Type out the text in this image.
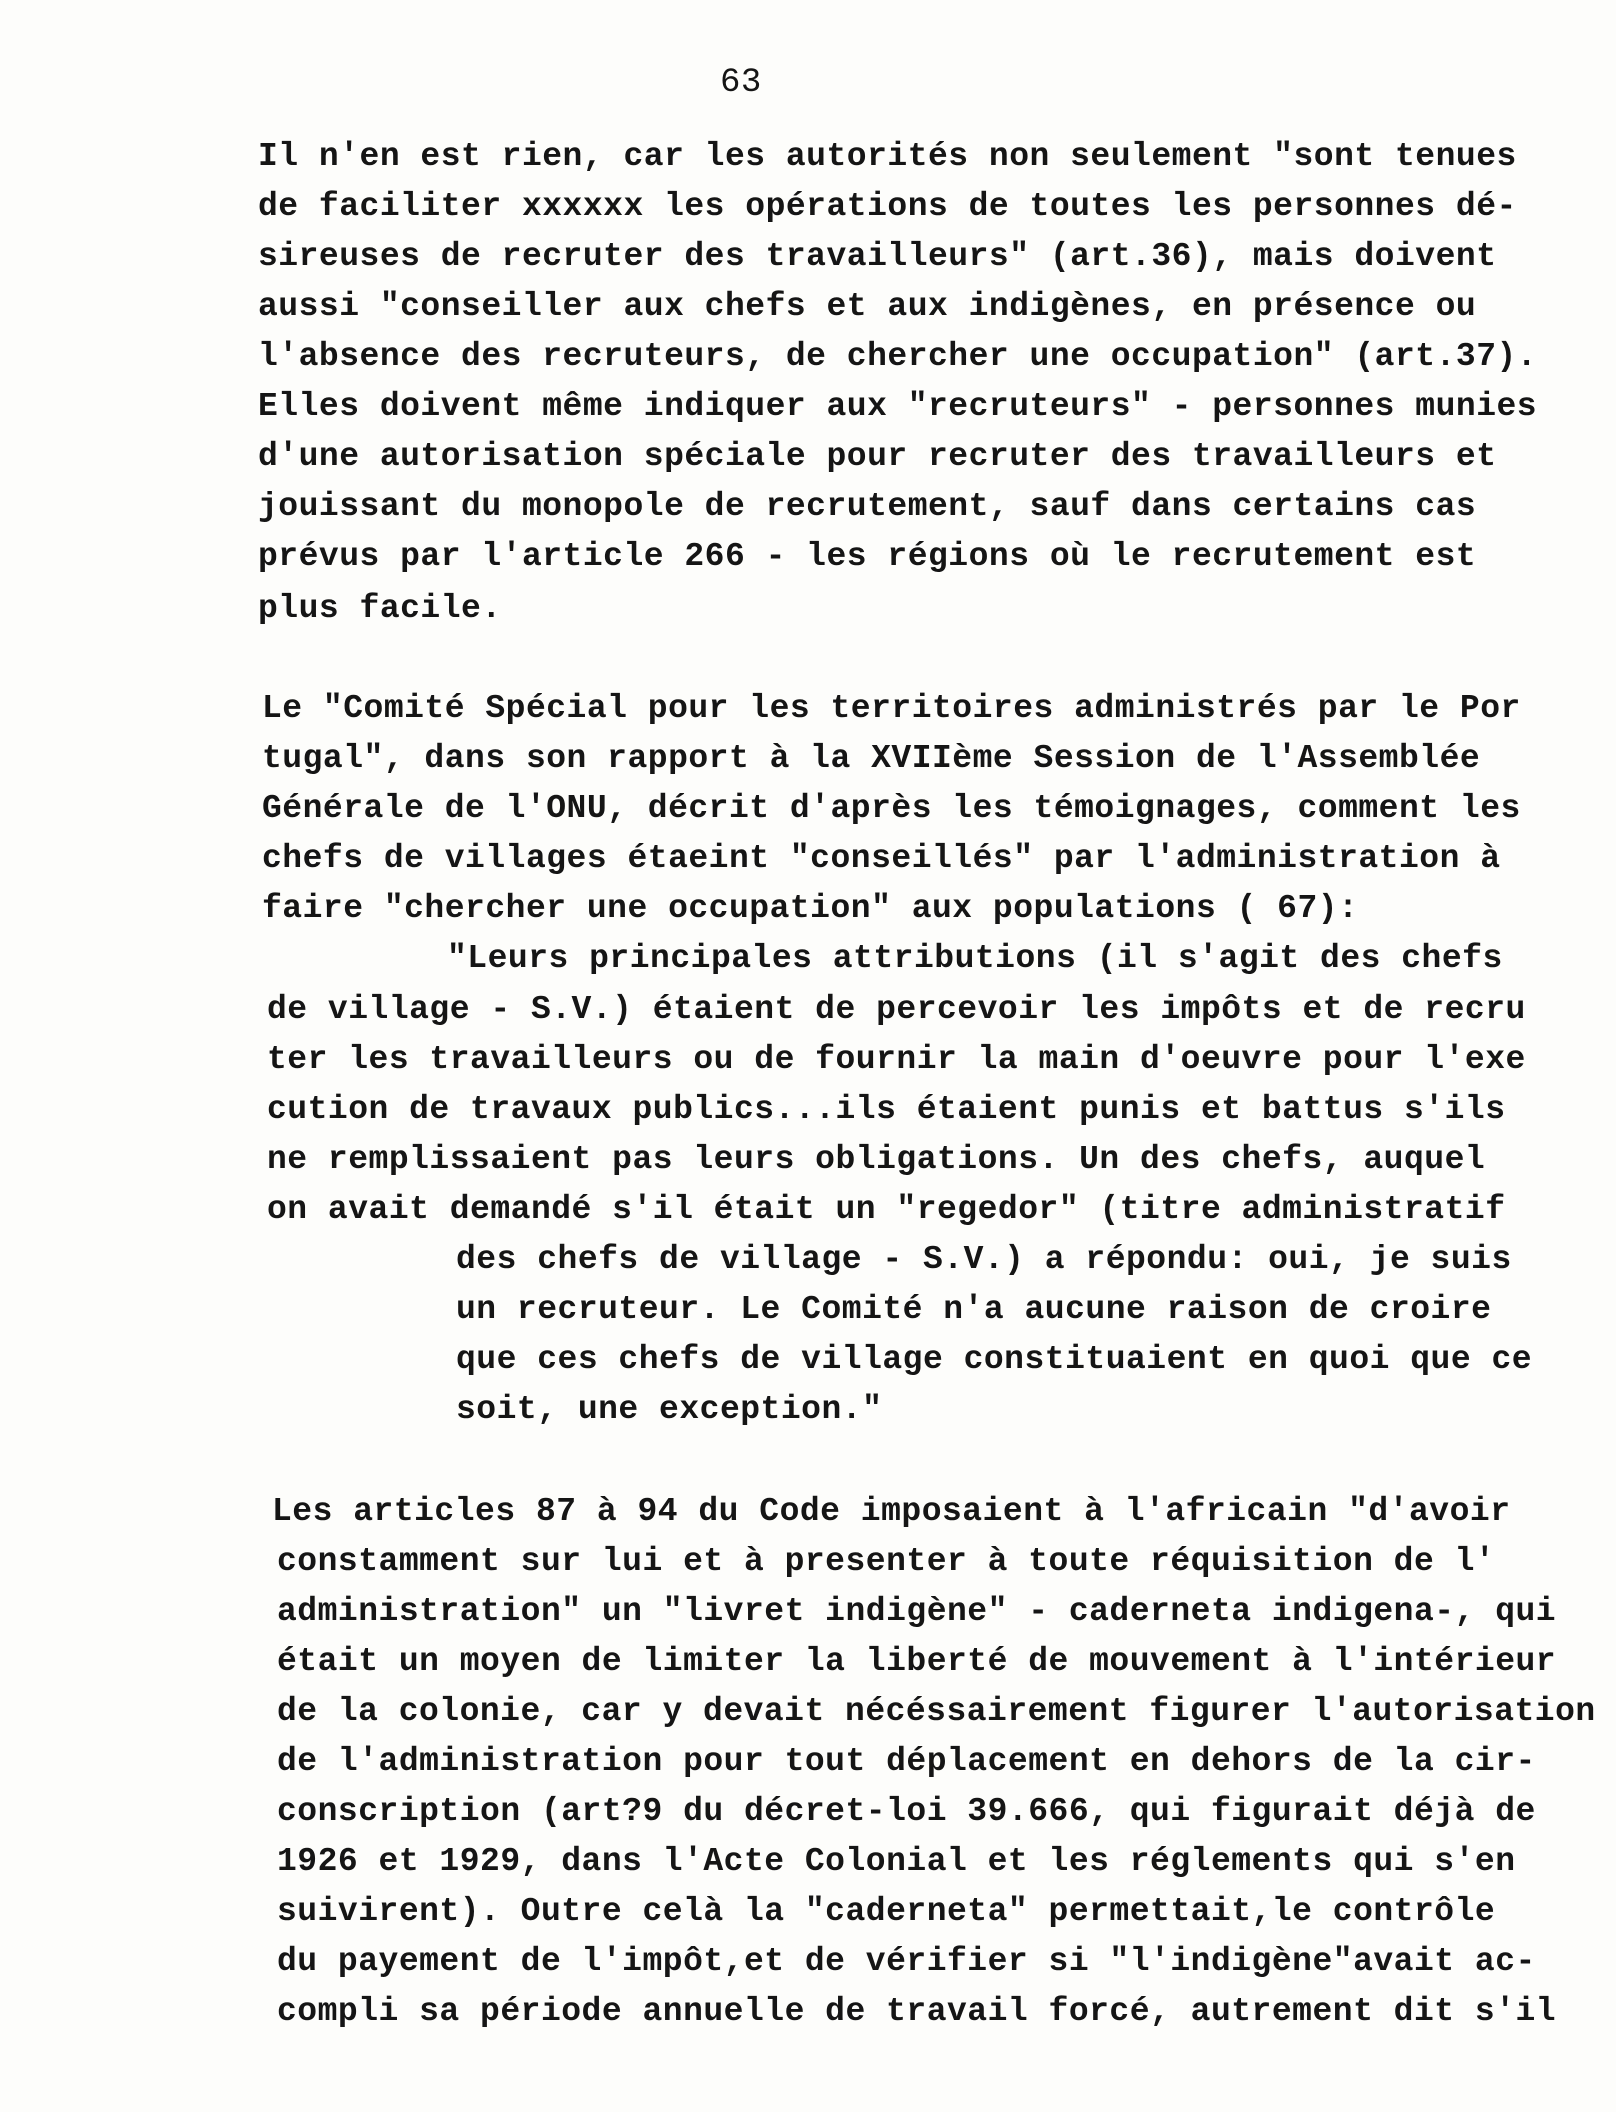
63
Il n'en est rien, car les autorités non seulement "sont tenues
de faciliter xxxxxx les opérations de toutes les personnes dé-
sireuses de recruter des travailleurs" (art.36), mais doivent
aussi "conseiller aux chefs et aux indigènes, en présence ou
l'absence des recruteurs, de chercher une occupation" (art.37).
Elles doivent même indiquer aux "recruteurs" - personnes munies
d'une autorisation spéciale pour recruter des travailleurs et
jouissant du monopole de recrutement, sauf dans certains cas
prévus par l'article 266 - les régions où le recrutement est
plus facile.
Le "Comité Spécial pour les territoires administrés par le Por
tugal", dans son rapport à la XVIIème Session de l'Assemblée
Générale de l'ONU, décrit d'après les témoignages, comment les
chefs de villages étaeint "conseillés" par l'administration à
faire "chercher une occupation" aux populations ( 67):
"Leurs principales attributions (il s'agit des chefs
de village - S.V.) étaient de percevoir les impôts et de recru
ter les travailleurs ou de fournir la main d'oeuvre pour l'exe
cution de travaux publics...ils étaient punis et battus s'ils
ne remplissaient pas leurs obligations. Un des chefs, auquel
on avait demandé s'il était un "regedor" (titre administratif
des chefs de village - S.V.) a répondu: oui, je suis
un recruteur. Le Comité n'a aucune raison de croire
que ces chefs de village constituaient en quoi que ce
soit, une exception."
Les articles 87 à 94 du Code imposaient à l'africain "d'avoir
constamment sur lui et à presenter à toute réquisition de l'
administration" un "livret indigène" - caderneta indigena-, qui
était un moyen de limiter la liberté de mouvement à l'intérieur
de la colonie, car y devait nécéssairement figurer l'autorisation
de l'administration pour tout déplacement en dehors de la cir-
conscription (art?9 du décret-loi 39.666, qui figurait déjà de
1926 et 1929, dans l'Acte Colonial et les réglements qui s'en
suivirent). Outre celà la "caderneta" permettait,le contrôle
du payement de l'impôt,et de vérifier si "l'indigène"avait ac-
compli sa période annuelle de travail forcé, autrement dit s'il
